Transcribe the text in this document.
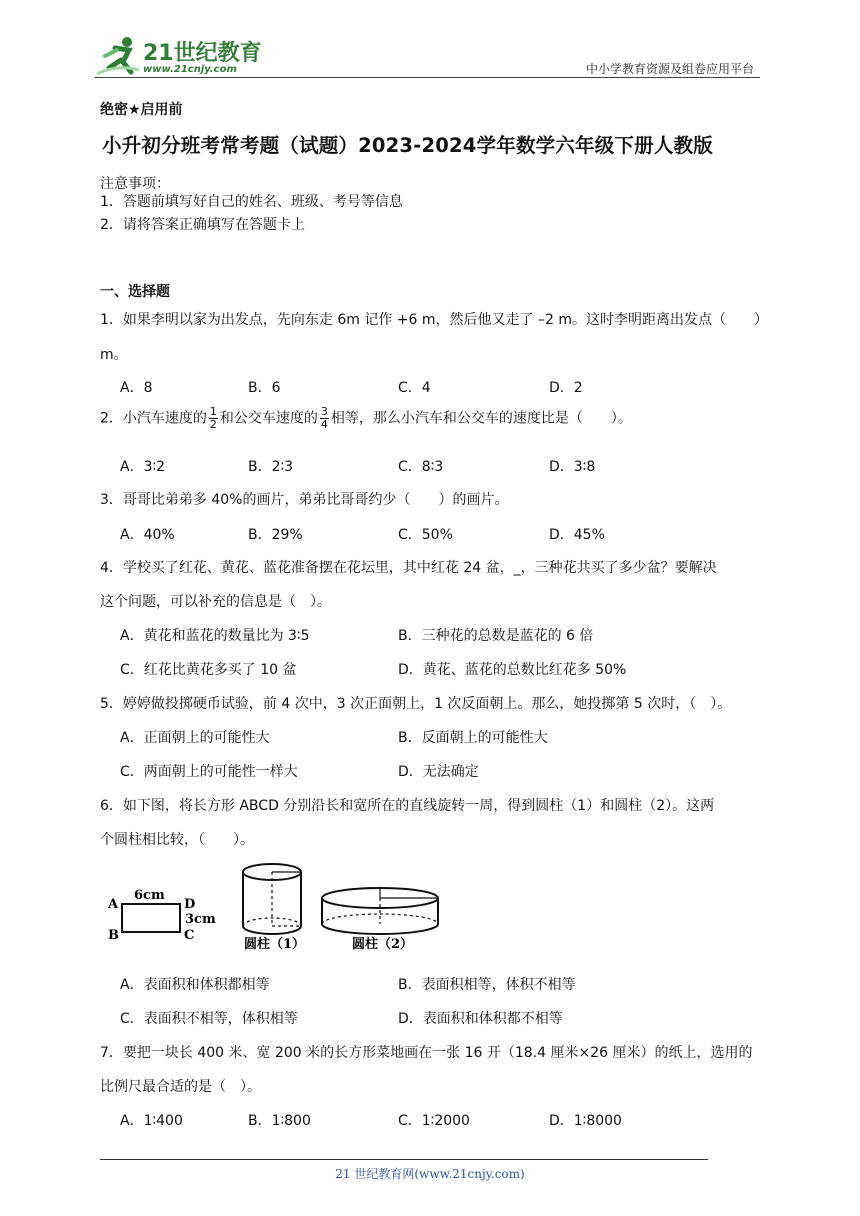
21世纪教育
www.21cnjy.com	中小学教育资源及组卷应用平台
绝密★启用前
小升初分班考常考题（试题）2023-2024学年数学六年级下册人教版
注意事项：
1．答题前填写好自己的姓名、班级、考号等信息
2．请将答案正确填写在答题卡上
一、选择题
1．如果李明以家为出发点，先向东走 6m 记作 +6 m，然后他又走了 –2 m。这时李明距离出发点（　　）
m。
A．8	B．6	C．4	D．2
2．小汽车速度的 $\frac{1}{2}$ 和公交车速度的 $\frac{3}{4}$ 相等，那么小汽车和公交车的速度比是（　　）。
A．3∶2	B．2∶3	C．8∶3	D．3∶8
3．哥哥比弟弟多 40%的画片，弟弟比哥哥约少（　　）的画片。
A．40%	B．29%	C．50%	D．45%
4．学校买了红花、黄花、蓝花准备摆在花坛里，其中红花 24 盆，_，三种花共买了多少盆？要解决
这个问题，可以补充的信息是（　）。
A．黄花和蓝花的数量比为 3∶5	B．三种花的总数是蓝花的 6 倍
C．红花比黄花多买了 10 盆	D．黄花、蓝花的总数比红花多 50%
5．婷婷做投掷硬币试验，前 4 次中，3 次正面朝上，1 次反面朝上。那么，她投掷第 5 次时，（　）。
A．正面朝上的可能性大	B．反面朝上的可能性大
C．两面朝上的可能性一样大	D．无法确定
6．如下图，将长方形 ABCD 分别沿长和宽所在的直线旋转一周，得到圆柱（1）和圆柱（2）。这两
个圆柱相比较，（　　）。
6cm
A
B	C
D
3cm
圆柱（1）	圆柱（2）
A．表面积和体积都相等	B．表面积相等，体积不相等
C．表面积不相等，体积相等	D．表面积和体积都不相等
7．要把一块长 400 米、宽 200 米的长方形菜地画在一张 16 开（18.4 厘米×26 厘米）的纸上，选用的
比例尺最合适的是（　）。
A．1∶400	B．1∶800	C．1∶2000	D．1∶8000
21 世纪教育网(www.21cnjy.com)
